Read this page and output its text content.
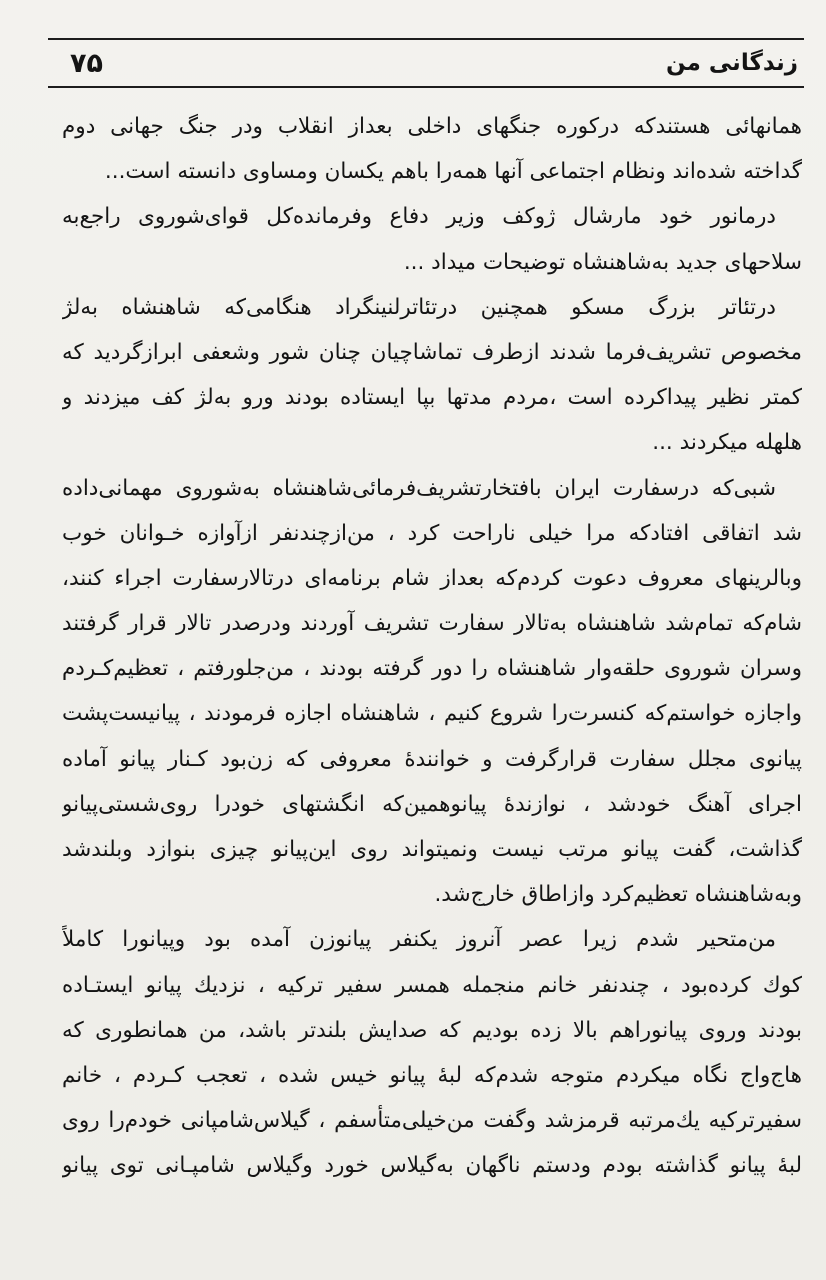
زندگانی من
۷۵
همانهائی هستندکه درکوره جنگهای داخلی بعداز انقلاب ودر جنگ جهانی دوم
گداخته شده‌اند ونظام اجتماعی آنها همه‌را باهم یکسان ومساوی دانسته است...
درمانور خود مارشال ژوکف وزیر دفاع وفرمانده‌کل قوای‌شوروی راجع‌به‌
سلاحهای جدید به‌شاهنشاه توضیحات میداد ...
درتئاتر بزرگ مسکو همچنین درتئاترلنینگراد هنگامی‌که شاهنشاه به‌لژ
مخصوص تشریف‌فرما شدند ازطرف تماشاچیان چنان شور وشعفی ابرازگردید که
کمتر نظیر پیداکرده است ،مردم مدتها بپا ایستاده بودند ورو به‌لژ کف میزدند و
هلهله میکردند ...
شبی‌که درسفارت ایران بافتخارتشریف‌فرمائی‌شاهنشاه به‌شوروی مهمانی‌داده
شد اتفاقی افتادکه مرا خیلی ناراحت کرد ، من‌ازچندنفر ازآوازه خـوانان خوب
وبالرینهای معروف دعوت کردم‌که بعداز شام برنامه‌ای درتالارسفارت اجراء کنند،
شام‌که تمام‌شد شاهنشاه به‌تالار سفارت تشریف آوردند ودرصدر تالار قرار گرفتند
وسران شوروی حلقه‌وار شاهنشاه را دور گرفته بودند ، من‌جلورفتم ، تعظیم‌کـردم
واجازه خواستم‌که کنسرت‌را شروع کنیم ، شاهنشاه اجازه فرمودند ، پیانیست‌پشت
پیانوی مجلل سفارت قرارگرفت و خوانندهٔ معروفی که زن‌بود کـنار پیانو آماده
اجرای آهنگ خودشد ، نوازندهٔ پیانوهمین‌که انگشتهای خودرا روی‌شستی‌پیانو
گذاشت، گفت پیانو مرتب نیست ونمیتواند روی این‌پیانو چیزی بنوازد وبلندشد
وبه‌شاهنشاه تعظیم‌کرد وازاطاق خارج‌شد.
من‌متحیر شدم زیرا عصر آنروز یکنفر پیانوزن آمده بود وپیانورا کاملاً
کوك کرده‌بود ، چندنفر خانم منجمله همسر سفیر ترکیه ، نزدیك پیانو ایستـاده
بودند وروی پیانوراهم بالا زده بودیم که صدایش بلندتر باشد، من همانطوری که
هاج‌واج نگاه میکردم متوجه شدم‌که لبهٔ پیانو خیس شده ، تعجب کـردم ، خانم
سفیرترکیه یك‌مرتبه قرمزشد وگفت من‌خیلی‌متأسفم ، گیلاس‌شامپانی خودم‌را روی
لبهٔ پیانو گذاشته بودم ودستم ناگهان به‌گیلاس خورد وگیلاس شامپـانی توی پیانو
